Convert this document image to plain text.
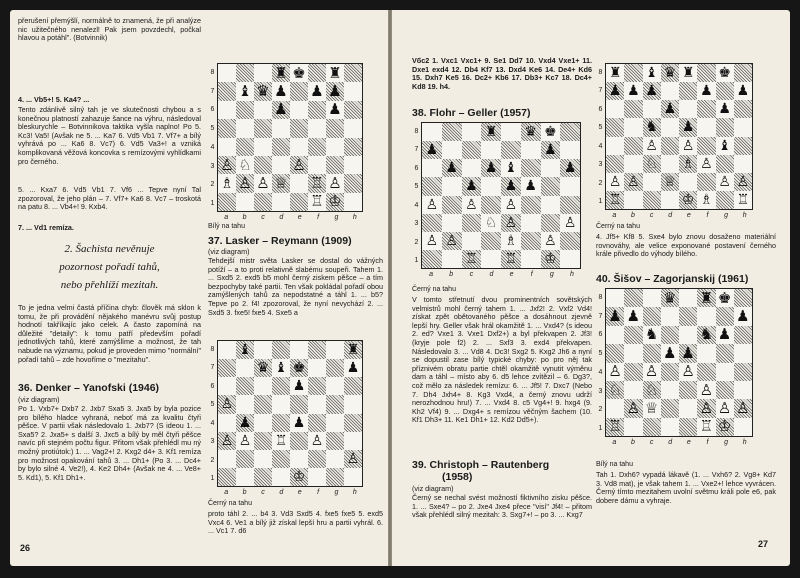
přerušení přemýšlí, normálně to znamená, že při analýze nic užitečného nenalezl! Pak jsem povzdechl, počkal hlavou a potáhl". (Botvinnik)

4. ... Vb5+! 5. Ka4? ...

Tento zdánlivě silný tah je ve skutečnosti chybou a s konečnou platností zahazuje šance na výhru, následoval bleskurychle – Botvinnikova taktika vyšla naplno! Po 5. Kc3! Va5! (Avšak ne 5. ... Ka7 6. Vd5 Vb1 7. Vf7+ a bílý vyhrává po ... Ka6 8. Vc7) 6. Vd5 Va3+! a vzniká komplikovaná věžová koncovka s remízovými vyhlídkami pro černého.

5. ... Kxa7 6. Vd5 Vb1 7. Vf6 ... Tepve nyní Tal zpozoroval, že jeho plán – 7. Vf7+ Ka6 8. Vc7 – troskotá na patu 8. ... Vb4+! 9. Kxb4.

7. ... Vd1 remíza.

2. Šachista nevěnuje

pozornost pořadí tahů,

nebo přehlíží mezitah.

To je jedna velmi častá příčina chyb: člověk má sklon k tomu, že při provádění nějakého manévru svůj postup hodnotí takříkajíc jako celek. A často zapomíná na důležité "detaily": k tomu patří především pořadí jednotlivých tahů, které zamýšlíme a možnost, že tah nabude na významu, pokud je proveden mimo "normální" pořadí tahů – zde hovoříme o "mezitahu".

36. Denker – Yanofski (1946)

(viz diagram)

Po 1. Vxb7+ Dxb7 2. Jxb7 Sxa5 3. Jxa5 by byla pozice pro bílého hladce vyhraná, neboť má za kvalitu čtyři pěšce. V partii však následovalo 1. Jxb7? (S ideou 1. ... Sxa5? 2. Jxa5+ s další 3. Jxc5 a bílý by měl čtyři pěšce navíc při stejném počtu figur. Přitom však přehlédl mu ný možný protiútok:) 1. ... Vag2+! 2. Kxg2 d4+ 3. Kf1 remíza pro možnost opakování tahů 3. ... Dh1+ (Po 3. ... Dc4+ by bylo silné 4. Ve2!), 4. Ke2 Dh4+ (Avšak ne 4. ... Ve8+ 5. Kd1), 5. Kf1 Dh1+.

26
8
7
6
5
4
3
2
1
♜ ♚ ♜
♝ ♛ ♟ ♟ ♟
♟	♟
♙ ♘	♙
♗ ♙ ♙ ♕ ♖ ♙
♖ ♔
a	b	c	d	e	f	g	h

Bílý na tahu

37. Lasker – Reymann (1909)

(viz diagram)

Tehdejší mistr světa Lasker se dostal do vážných potíží – a to proti relativně slabému soupeři. Tahem 1. ... Sxd5 2. exd5 b5 mohl černý ziskem pěšce – a tím bezpochyby také partii. Ten však pokládal pořadí obou zamýšlených tahů za nepodstatné a táhl 1. ... b5? Tepve po 2. f4! zpozoroval, že nyní nevychází 2. ... Sxd5 3. fxe5! fxe5 4. Sxe5 a

8
7
6
5
4
3
2
1
♝	♜
♛ ♝ ♚	♟
♟
♙
♟	♟
♙ ♙ ♖ ♙
♙
♔
a	b	c	d	e	f	g	h

Černý na tahu

proto táhl 2. ... b4 3. Vd3 Sxd5 4. fxe5 fxe5 5. exd5 Vxc4 6. Ve1 a bílý již získal lepší hru a partii vyhrál. 6. ... Vc1 7. d6

Vбc2 1. Vxc1 Vxc1+ 9. Se1 Dd7 10. Vxd4 Vxe1+ 11. Dxe1 exd4 12. Db4 Kf7 13. Dxd4 Ke6 14. De4+ Kd6 15. Dxh7 Ke5 16. Dc2+ Kb6 17. Db3+ Kc7 18. Dc4+ Kd8 19. h4.

38. Flohr – Geller (1957)

8
7
6
5
4
3
2
1
♜ ♛ ♚
♟	♟
♟ ♟ ♝	♟
♟ ♟ ♟
♙ ♙ ♙
♘ ♙	♙
♙ ♙	♗ ♙
♖ ♖ ♔
a	b	c	d	e	f	g	h

Černý na tahu

V tomto střetnutí dvou prominentních sovětských velmistrů mohl černý tahem 1. ... Jxf2! 2. Vxf2 Vd4! získat zpět obětovaného pěšce a dosáhnout zjevně lepší hry. Geller však hrál okamžitě 1. ... Vxd4? (s ideou 2. ed? Vxe1 3. Vxe1 Dxf2+) a byl překvapen 2. Jf3! (kryje pole f2) 2. ... Sxf3 3. exd4 překvapen. Následovalo 3. ... Vd8 4. Dc3! Sxg2 5. Kxg2 Jh6 a nyní se dopustil zase bílý typické chyby: po pro něj tak příznivém obratu partie chtěl okamžitě vynutit výměnu dam a táhl – místo aby 6. d5 lehce zvítězil – 6. Dg3?, což mělo za následek remízu: 6. ... Jf5! 7. Dxc7 (Nebo 7. Dh4 Jxh4+ 8. Kg3 Vxd4, a černý znovu udrží nerozhodnou hru!) 7. ... Vxd4 8. c5 Vg4+! 9. hxg4 (9. Kh2 Vf4) 9. ... Dxg4+ s remízou věčným šachem (10. Kf1 Dh3+ 11. Ke1 Dh1+ 12. Kd2 Dd5+).

39. Christoph – Rautenberg

(1958)

(viz diagram)

Černý se nechal svést možností fiktivního zisku pěšce. 1. ... Sxe4? – po 2. Jxe4 Jxe4 přece "visí" Jf4! – přitom však přehlédl silný mezitah: 3. Sxg7+! – po 3. ... Kxg7

8
7
6
5
4
3
2
1
♜ ♝ ♛ ♜ ♚
♟ ♟ ♟	♟ ♟
♟	♟
♞ ♟
♙ ♙ ♝
♘ ♗ ♙
♙ ♙ ♕	♙ ♙
♖	♔ ♗ ♖
a	b	c	d	e	f	g	h

Černý na tahu

4. Jf5+ Kf8 5. Sxe4 bylo znovu dosaženo materiální rovnováhy, ale velice exponované postavení černého krále přivedlo do výhody bílého.

40. Šišov – Zagorjanskij (1961)

8
7
6
5
4
3
2
1
♛ ♜ ♚
♟ ♟	♟
♞	♞ ♟
♟ ♟
♙ ♙ ♙
♘ ♘	♙
♙ ♕	♙ ♙ ♙
♖	♖ ♔
a	b	c	d	e	f	g	h

Bílý na tahu

Tah 1. Dxh6? vypadá lákavě (1. ... Vxh6? 2. Vg8+ Kd7 3. Vd8 mat), je však tahem 1. ... Vxe2+! lehce vyvrácen. Černý tímto mezitahem uvolní světmu králi pole e6, pak dobere dámu a vyhraje.

27
